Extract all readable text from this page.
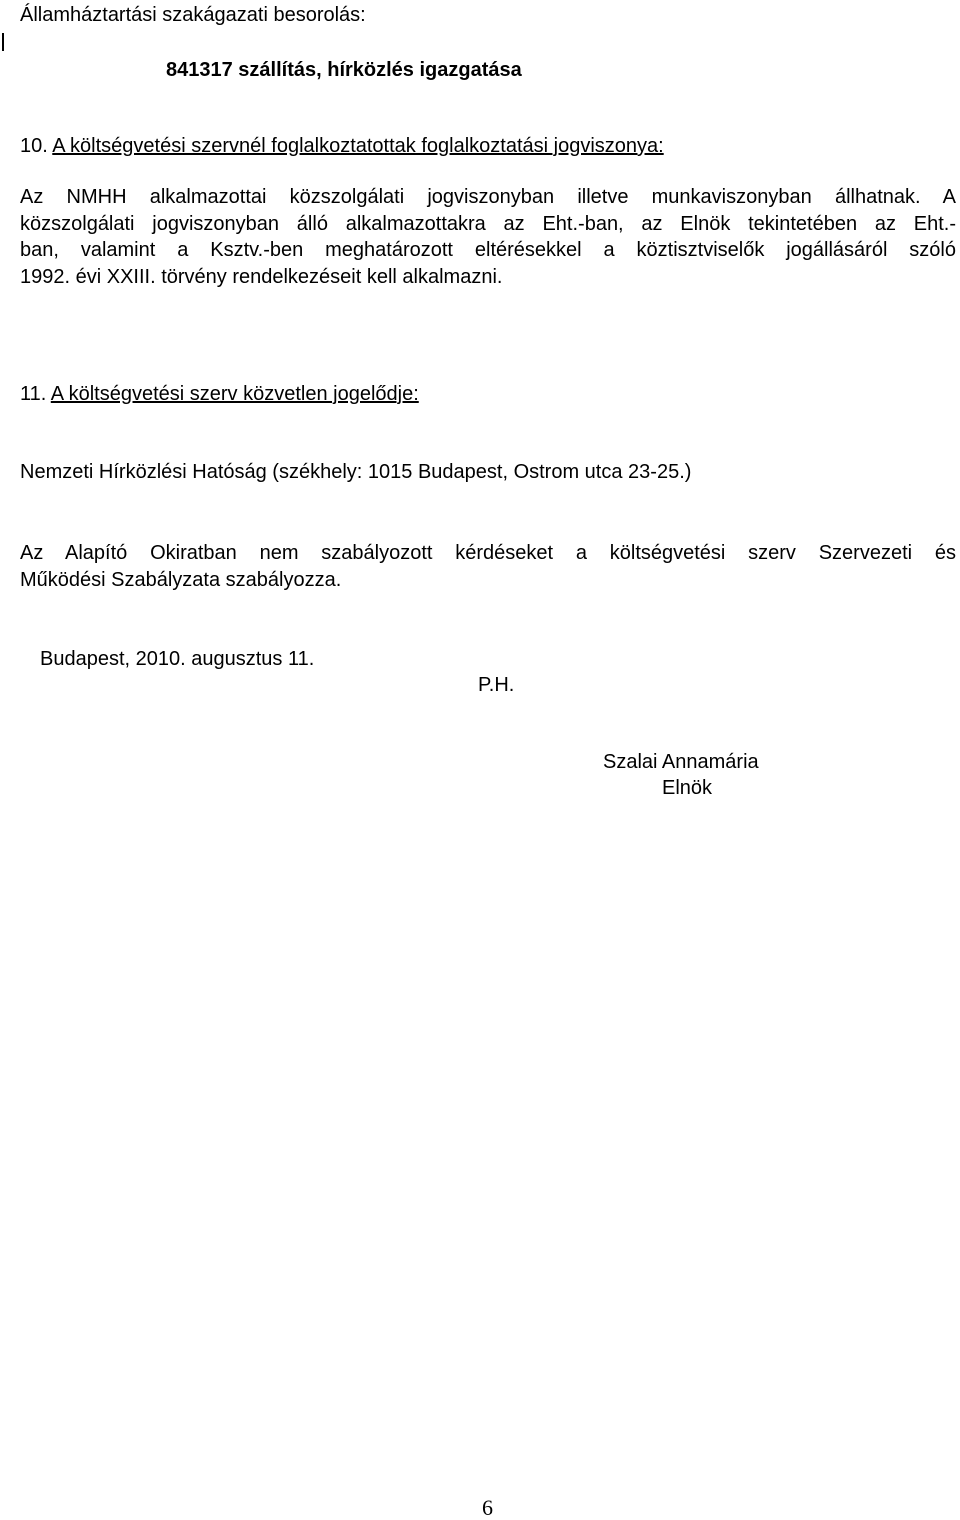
Államháztartási szakágazati besorolás:
841317 szállítás, hírközlés igazgatása
10. A költségvetési szervnél foglalkoztatottak foglalkoztatási jogviszonya:

Az NMHH alkalmazottai közszolgálati jogviszonyban illetve munkaviszonyban állhatnak. A

közszolgálati jogviszonyban álló alkalmazottakra az Eht.-ban, az Elnök tekintetében az Eht.-

ban, valamint a Ksztv.-ben meghatározott eltérésekkel a köztisztviselők jogállásáról szóló

1992. évi XXIII. törvény rendelkezéseit kell alkalmazni.

11. A költségvetési szerv közvetlen jogelődje:
Nemzeti Hírközlési Hatóság (székhely: 1015 Budapest, Ostrom utca 23-25.)

Az Alapító Okiratban nem szabályozott kérdéseket a költségvetési szerv Szervezeti és

Működési Szabályzata szabályozza.

Budapest, 2010. augusztus 11.
P.H.
Szalai Annamária
Elnök
6
